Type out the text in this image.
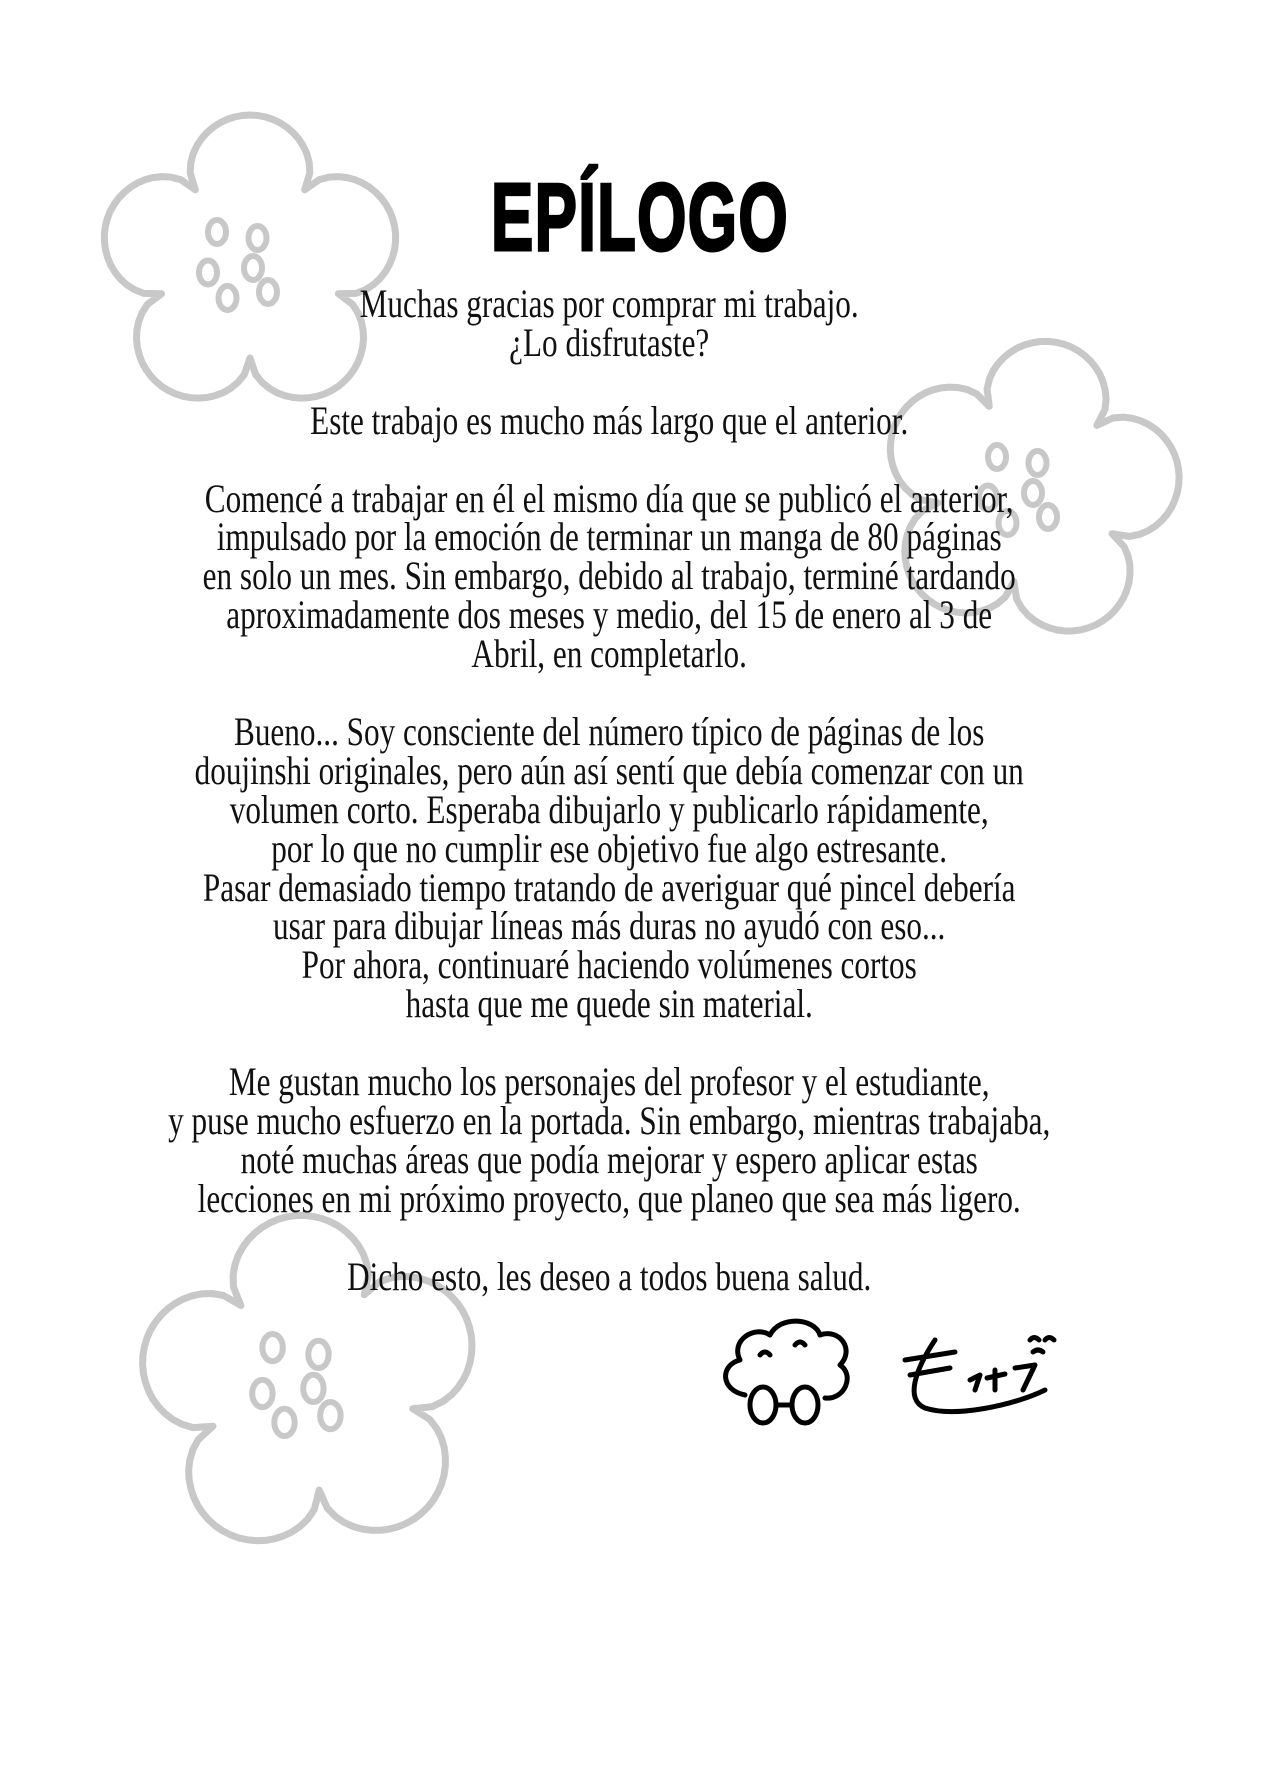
EPÍLOGO
Muchas gracias por comprar mi trabajo.
¿Lo disfrutaste?
Este trabajo es mucho más largo que el anterior.
Comencé a trabajar en él el mismo día que se publicó el anterior,
impulsado por la emoción de terminar un manga de 80 páginas
en solo un mes. Sin embargo, debido al trabajo, terminé tardando
aproximadamente dos meses y medio, del 15 de enero al 3 de
Abril, en completarlo.
Bueno... Soy consciente del número típico de páginas de los
doujinshi originales, pero aún así sentí que debía comenzar con un
volumen corto. Esperaba dibujarlo y publicarlo rápidamente,
por lo que no cumplir ese objetivo fue algo estresante.
Pasar demasiado tiempo tratando de averiguar qué pincel debería
usar para dibujar líneas más duras no ayudó con eso...
Por ahora, continuaré haciendo volúmenes cortos
hasta que me quede sin material.
Me gustan mucho los personajes del profesor y el estudiante,
y puse mucho esfuerzo en la portada. Sin embargo, mientras trabajaba,
noté muchas áreas que podía mejorar y espero aplicar estas
lecciones en mi próximo proyecto, que planeo que sea más ligero.
Dicho esto, les deseo a todos buena salud.
